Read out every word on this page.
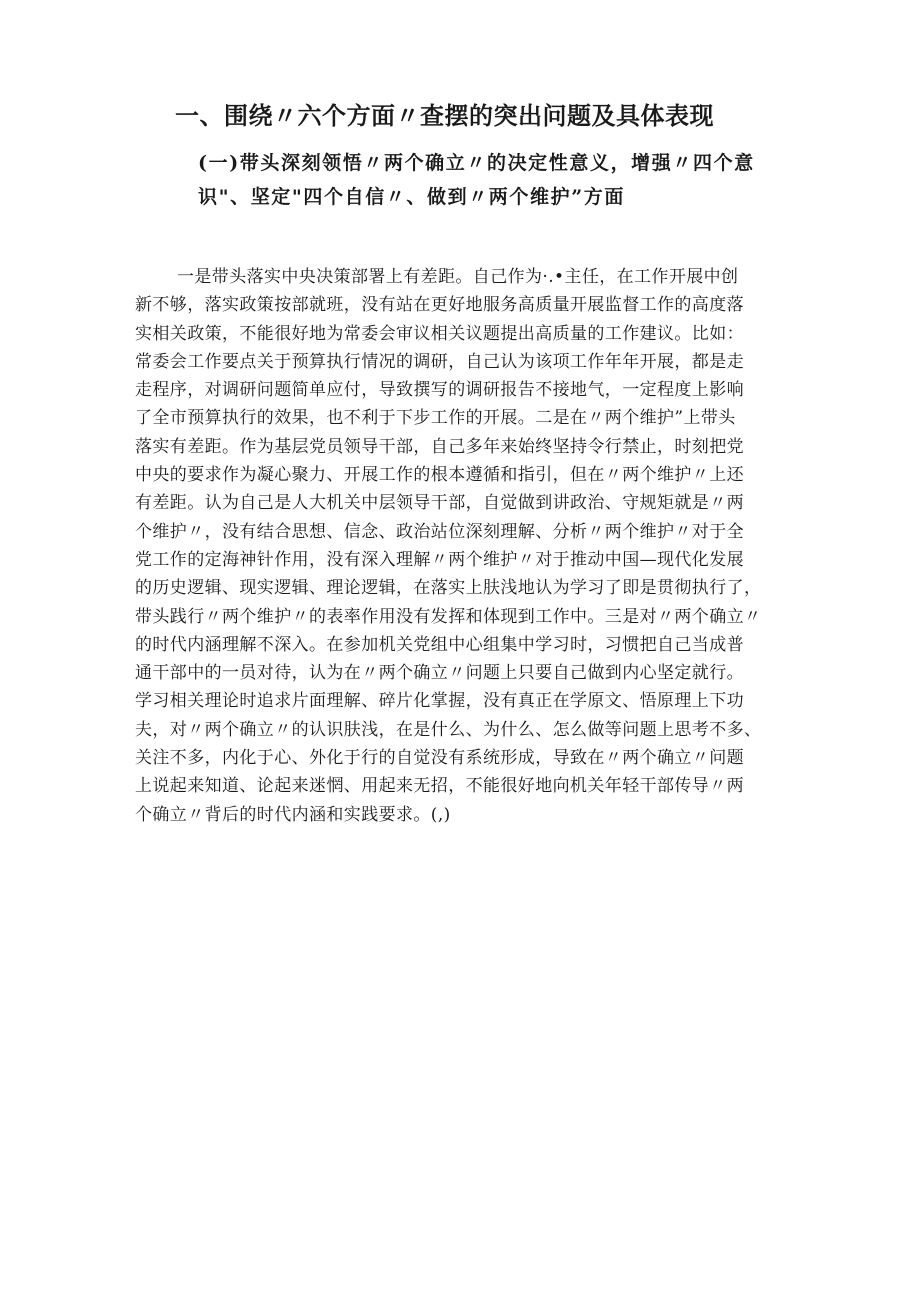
一、围绕〃六个方面〃查摆的突出问题及具体表现
(一)带头深刻领悟〃两个确立〃的决定性意义，增强〃四个意
识"、坚定"四个自信〃、做到〃两个维护”方面
一是带头落实中央决策部署上有差距。自己作为·.•主任，在工作开展中创
新不够，落实政策按部就班，没有站在更好地服务高质量开展监督工作的高度落
实相关政策，不能很好地为常委会审议相关议题提出高质量的工作建议。比如：
常委会工作要点关于预算执行情况的调研，自己认为该项工作年年开展，都是走
走程序，对调研问题简单应付，导致撰写的调研报告不接地气，一定程度上影响
了全市预算执行的效果，也不利于下步工作的开展。二是在〃两个维护”上带头
落实有差距。作为基层党员领导干部，自己多年来始终坚持令行禁止，时刻把党
中央的要求作为凝心聚力、开展工作的根本遵循和指引，但在〃两个维护〃上还
有差距。认为自己是人大机关中层领导干部，自觉做到讲政治、守规矩就是〃两
个维护〃，没有结合思想、信念、政治站位深刻理解、分析〃两个维护〃对于全
党工作的定海神针作用，没有深入理解〃两个维护〃对于推动中国—现代化发展
的历史逻辑、现实逻辑、理论逻辑，在落实上肤浅地认为学习了即是贯彻执行了，
带头践行〃两个维护〃的表率作用没有发挥和体现到工作中。三是对〃两个确立〃
的时代内涵理解不深入。在参加机关党组中心组集中学习时，习惯把自己当成普
通干部中的一员对待，认为在〃两个确立〃问题上只要自己做到内心坚定就行。
学习相关理论时追求片面理解、碎片化掌握，没有真正在学原文、悟原理上下功
夫，对〃两个确立〃的认识肤浅，在是什么、为什么、怎么做等问题上思考不多、
关注不多，内化于心、外化于行的自觉没有系统形成，导致在〃两个确立〃问题
上说起来知道、论起来迷惘、用起来无招，不能很好地向机关年轻干部传导〃两
个确立〃背后的时代内涵和实践要求。(,)
